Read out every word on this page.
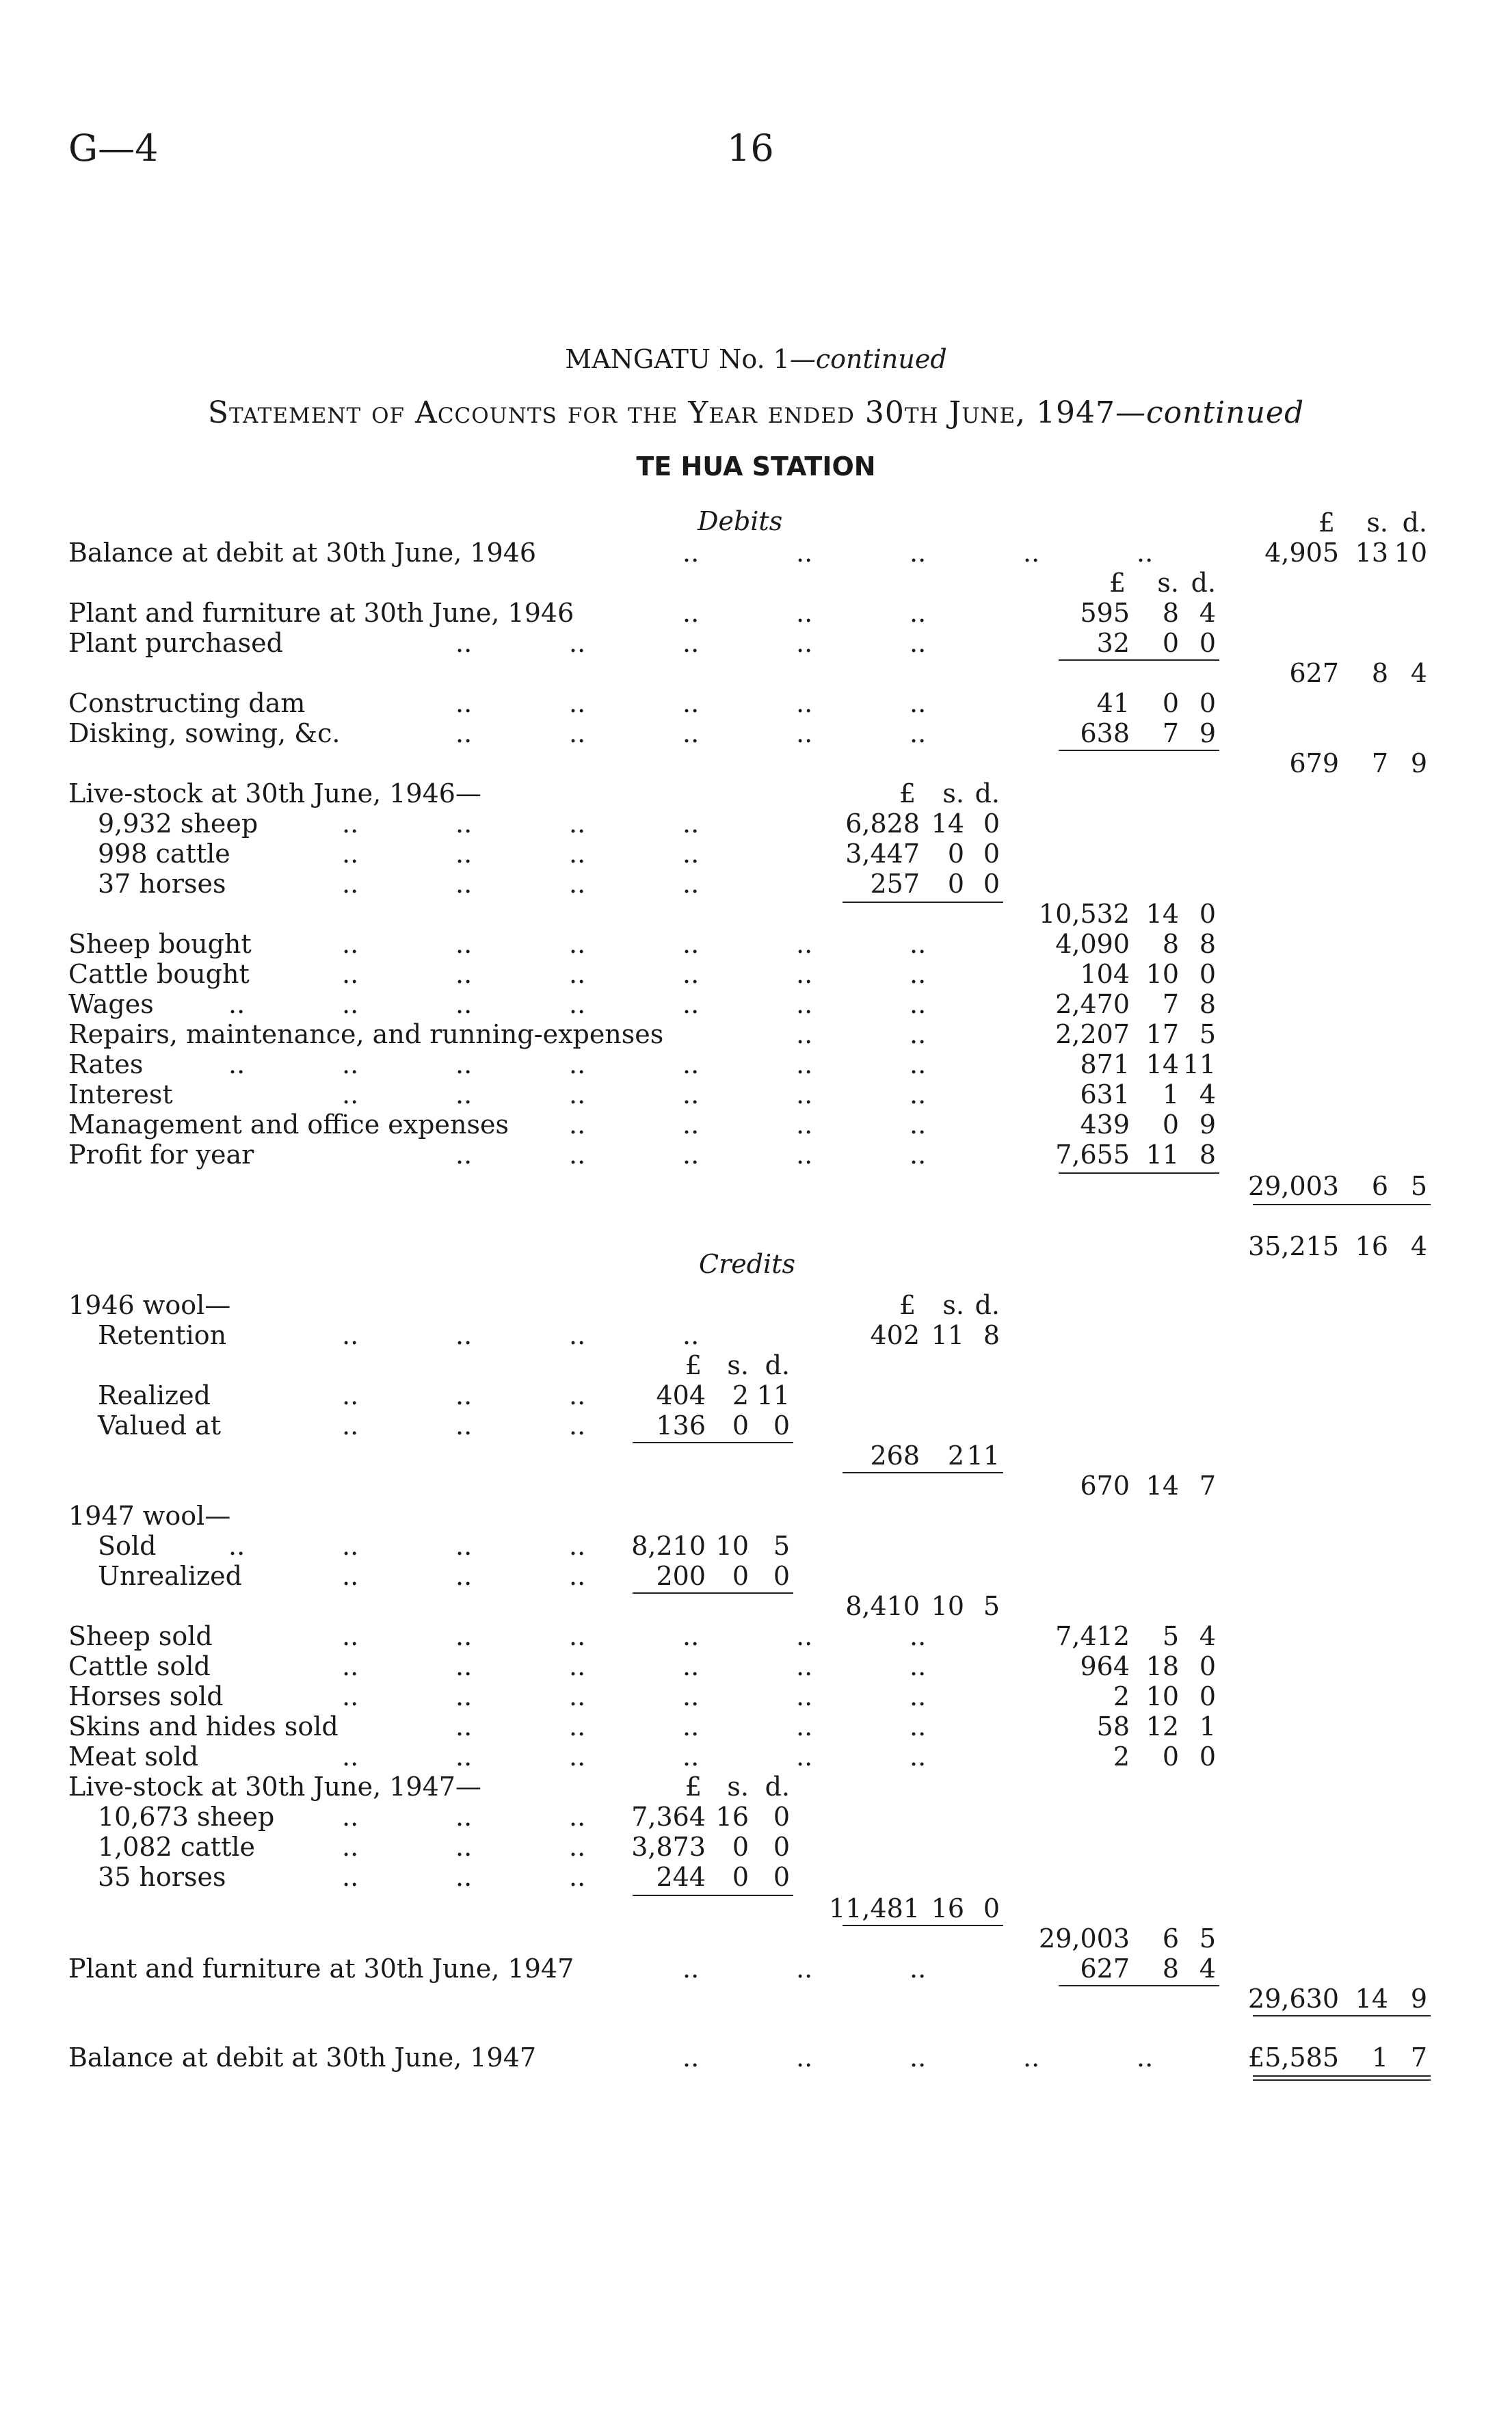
G—4	16
MANGATU No. 1—continued
Statement of Accounts for the Year ended 30th June, 1947—continued
TE HUA STATION
Debits
Credits
£ s. d.
Balance at debit at 30th June, 1946	..	..	..	..	..	4,905 13 10
£ s. d.
Plant and furniture at 30th June, 1946	..	..	..	595 8 4
Plant purchased	..	..	..	..	..	32 0 0
627 8 4
Constructing dam	..	..	..	..	..	41 0 0
Disking, sowing, &c.	..	..	..	..	..	638 7 9
679 7 9
Live-stock at 30th June, 1946—	£ s. d.
9,932 sheep	..	..	..	..	6,828 14 0
998 cattle	..	..	..	..	3,447 0 0
37 horses	..	..	..	..	257 0 0
10,532 14 0
Sheep bought	..	..	..	..	..	..	4,090 8 8
Cattle bought	..	..	..	..	..	..	104 10 0
Wages	..	..	..	..	..	..	..	2,470 7 8
Repairs, maintenance, and running-expenses	..	..	2,207 17 5
Rates	..	..	..	..	..	..	..	871 14 11
Interest	..	..	..	..	..	..	631 1 4
Management and office expenses ..	..	..	..	439 0 9
Profit for year	..	..	..	..	..	7,655 11 8
29,003 6 5
35,215 16 4
1946 wool—	£ s. d.
Retention	..	..	..	..	402 11 8
£ s. d.
Realized	..	..	..	404 2 11
Valued at	..	..	..	136 0 0
268 2 11
670 14 7
1947 wool—
Sold	..	..	..	.. 8,210 10 5
Unrealized	..	..	..	200 0 0
8,410 10 5
Sheep sold	..	..	..	..	..	..	7,412 5 4
Cattle sold	..	..	..	..	..	..	964 18 0
Horses sold	..	..	..	..	..	..	2 10 0
Skins and hides sold	..	..	..	..	..	58 12 1
Meat sold	..	..	..	..	..	..	2 0 0
Live-stock at 30th June, 1947—	£ s. d.
10,673 sheep	..	..	.. 7,364 16 0
1,082 cattle	..	..	.. 3,873 0 0
35 horses	..	..	..	244 0 0
11,481 16 0
29,003 6 5
Plant and furniture at 30th June, 1947	..	..	..	627 8 4
29,630 14 9
Balance at debit at 30th June, 1947	..	..	..	..	..	£5,585 1 7
